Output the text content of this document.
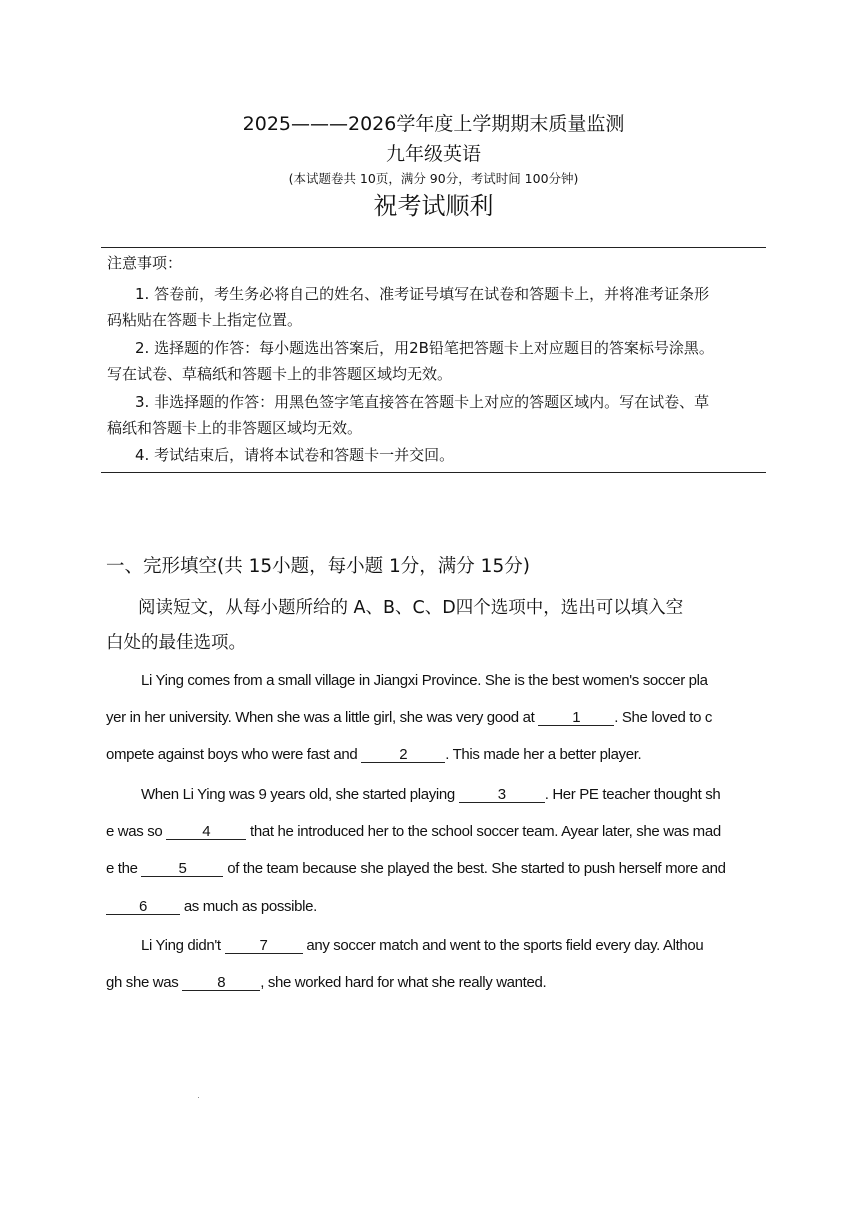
2025———2026学年度上学期期末质量监测
九年级英语
(本试题卷共 10页，满分 90分，考试时间 100分钟)
祝考试顺利
注意事项：
1. 答卷前，考生务必将自己的姓名、准考证号填写在试卷和答题卡上，并将准考证条形
码粘贴在答题卡上指定位置。
2. 选择题的作答：每小题选出答案后，用2B铅笔把答题卡上对应题目的答案标号涂黑。
写在试卷、草稿纸和答题卡上的非答题区域均无效。
3. 非选择题的作答：用黑色签字笔直接答在答题卡上对应的答题区域内。写在试卷、草
稿纸和答题卡上的非答题区域均无效。
4. 考试结束后，请将本试卷和答题卡一并交回。
一、完形填空(共 15小题，每小题 1分，满分 15分)
阅读短文，从每小题所给的 A、B、C、D四个选项中，选出可以填入空
白处的最佳选项。
Li Ying comes from a small village in Jiangxi Province. She is the best women's soccer pla
yer in her university. When she was a little girl, she was very good at 1 . She loved to c
ompete against boys who were fast and	2	. This made her a better player.
When Li Ying was 9 years old, she started playing	3	. Her PE teacher thought sh
e was so 4 that he introduced her to the school soccer team. Ayear later, she was mad
e the 5 of the team because she played the best. She started to push herself more and
6 as much as possible.
Li Ying didn't 7 any soccer match and went to the sports field every day. Althou
gh she was 8 , she worked hard for what she really wanted.
